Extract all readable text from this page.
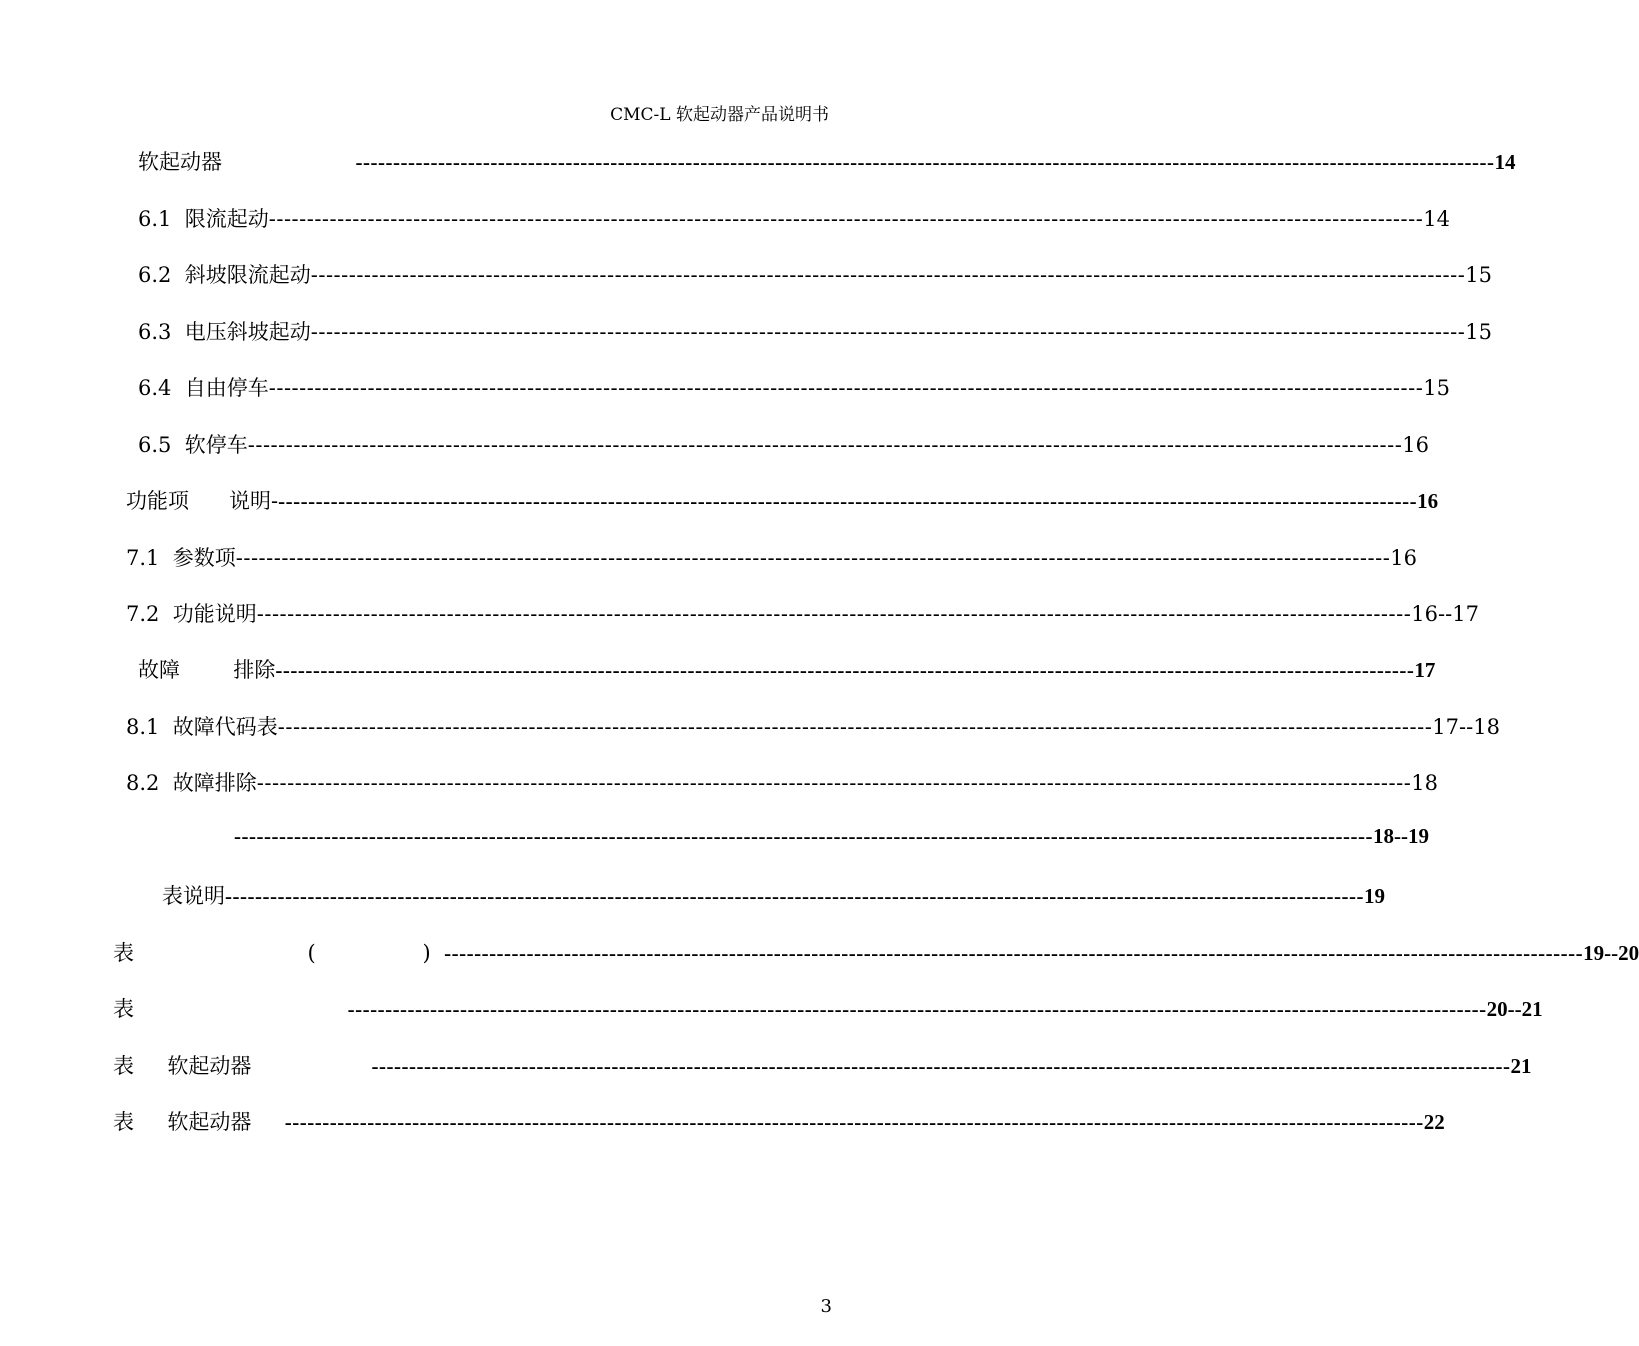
CMC-L 软起动器产品说明书
软起动器 -------------------------------------------------------------------------------------------------------------------------------------------------------- 14
6.1  限流起动 -------------------------------------------------------------------------------------------------------------------------------------------------------- 14
6.2  斜坡限流起动 -------------------------------------------------------------------------------------------------------------------------------------------------------- 15
6.3  电压斜坡起动 -------------------------------------------------------------------------------------------------------------------------------------------------------- 15
6.4  自由停车 -------------------------------------------------------------------------------------------------------------------------------------------------------- 15
6.5  软停车 -------------------------------------------------------------------------------------------------------------------------------------------------------- 16
功能项      说明- -------------------------------------------------------------------------------------------------------------------------------------------------------- 16
7.1  参数项 -------------------------------------------------------------------------------------------------------------------------------------------------------- 16
7.2  功能说明 -------------------------------------------------------------------------------------------------------------------------------------------------------- 16--17
故障        排除 -------------------------------------------------------------------------------------------------------------------------------------------------------- 17
8.1  故障代码表 -------------------------------------------------------------------------------------------------------------------------------------------------------- 17--18
8.2  故障排除 -------------------------------------------------------------------------------------------------------------------------------------------------------- 18
-------------------------------------------------------------------------------------------------------------------------------------------------------- 18--19
表说明 -------------------------------------------------------------------------------------------------------------------------------------------------------- 19
表                          (                ) -------------------------------------------------------------------------------------------------------------------------------------------------------- 19--20
表 -------------------------------------------------------------------------------------------------------------------------------------------------------- 20--21
表     软起动器 -------------------------------------------------------------------------------------------------------------------------------------------------------- 21
表     软起动器 -------------------------------------------------------------------------------------------------------------------------------------------------------- 22
3
